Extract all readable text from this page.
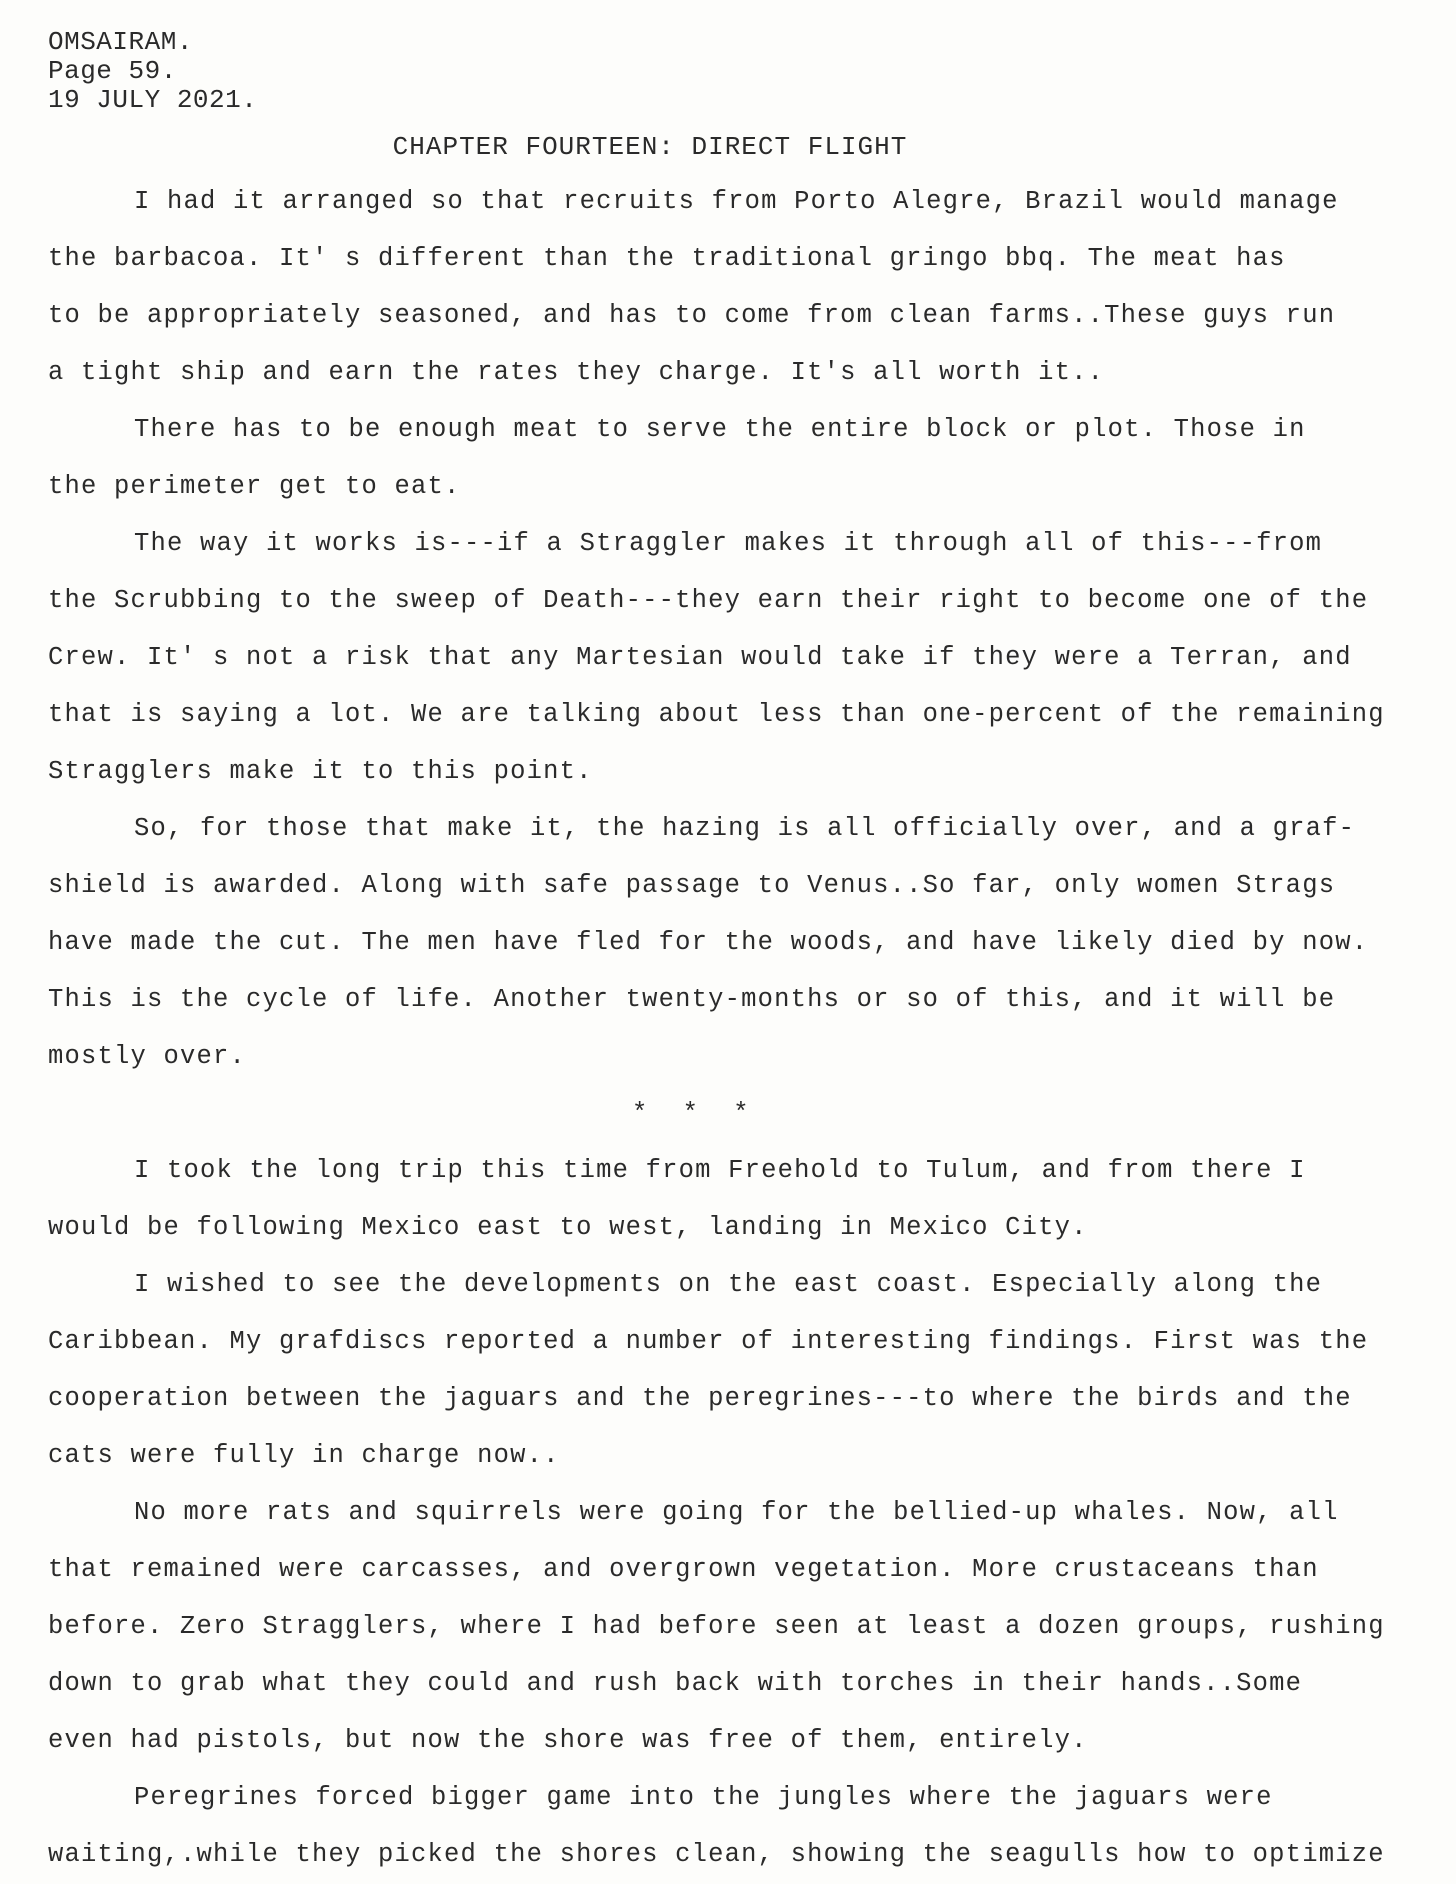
OMSAIRAM.
Page 59.
19 JULY 2021.
CHAPTER FOURTEEN: DIRECT FLIGHT
I had it arranged so that recruits from Porto Alegre, Brazil would manage
the barbacoa. It' s different than the traditional gringo bbq. The meat has
to be appropriately seasoned, and has to come from clean farms..These guys run
a tight ship and earn the rates they charge. It's all worth it..
There has to be enough meat to serve the entire block or plot. Those in
the perimeter get to eat.
The way it works is---if a Straggler makes it through all of this---from
the Scrubbing to the sweep of Death---they earn their right to become one of the
Crew. It' s not a risk that any Martesian would take if they were a Terran, and
that is saying a lot. We are talking about less than one-percent of the remaining
Stragglers make it to this point.
So, for those that make it, the hazing is all officially over, and a graf-
shield is awarded. Along with safe passage to Venus..So far, only women Strags
have made the cut. The men have fled for the woods, and have likely died by now.
This is the cycle of life. Another twenty-months or so of this, and it will be
mostly over.
* * *
I took the long trip this time from Freehold to Tulum, and from there I
would be following Mexico east to west, landing in Mexico City.
I wished to see the developments on the east coast. Especially along the
Caribbean. My grafdiscs reported a number of interesting findings. First was the
cooperation between the jaguars and the peregrines---to where the birds and the
cats were fully in charge now..
No more rats and squirrels were going for the bellied-up whales. Now, all
that remained were carcasses, and overgrown vegetation. More crustaceans than
before. Zero Stragglers, where I had before seen at least a dozen groups, rushing
down to grab what they could and rush back with torches in their hands..Some
even had pistols, but now the shore was free of them, entirely.
Peregrines forced bigger game into the jungles where the jaguars were
waiting,.while they picked the shores clean, showing the seagulls how to optimize
